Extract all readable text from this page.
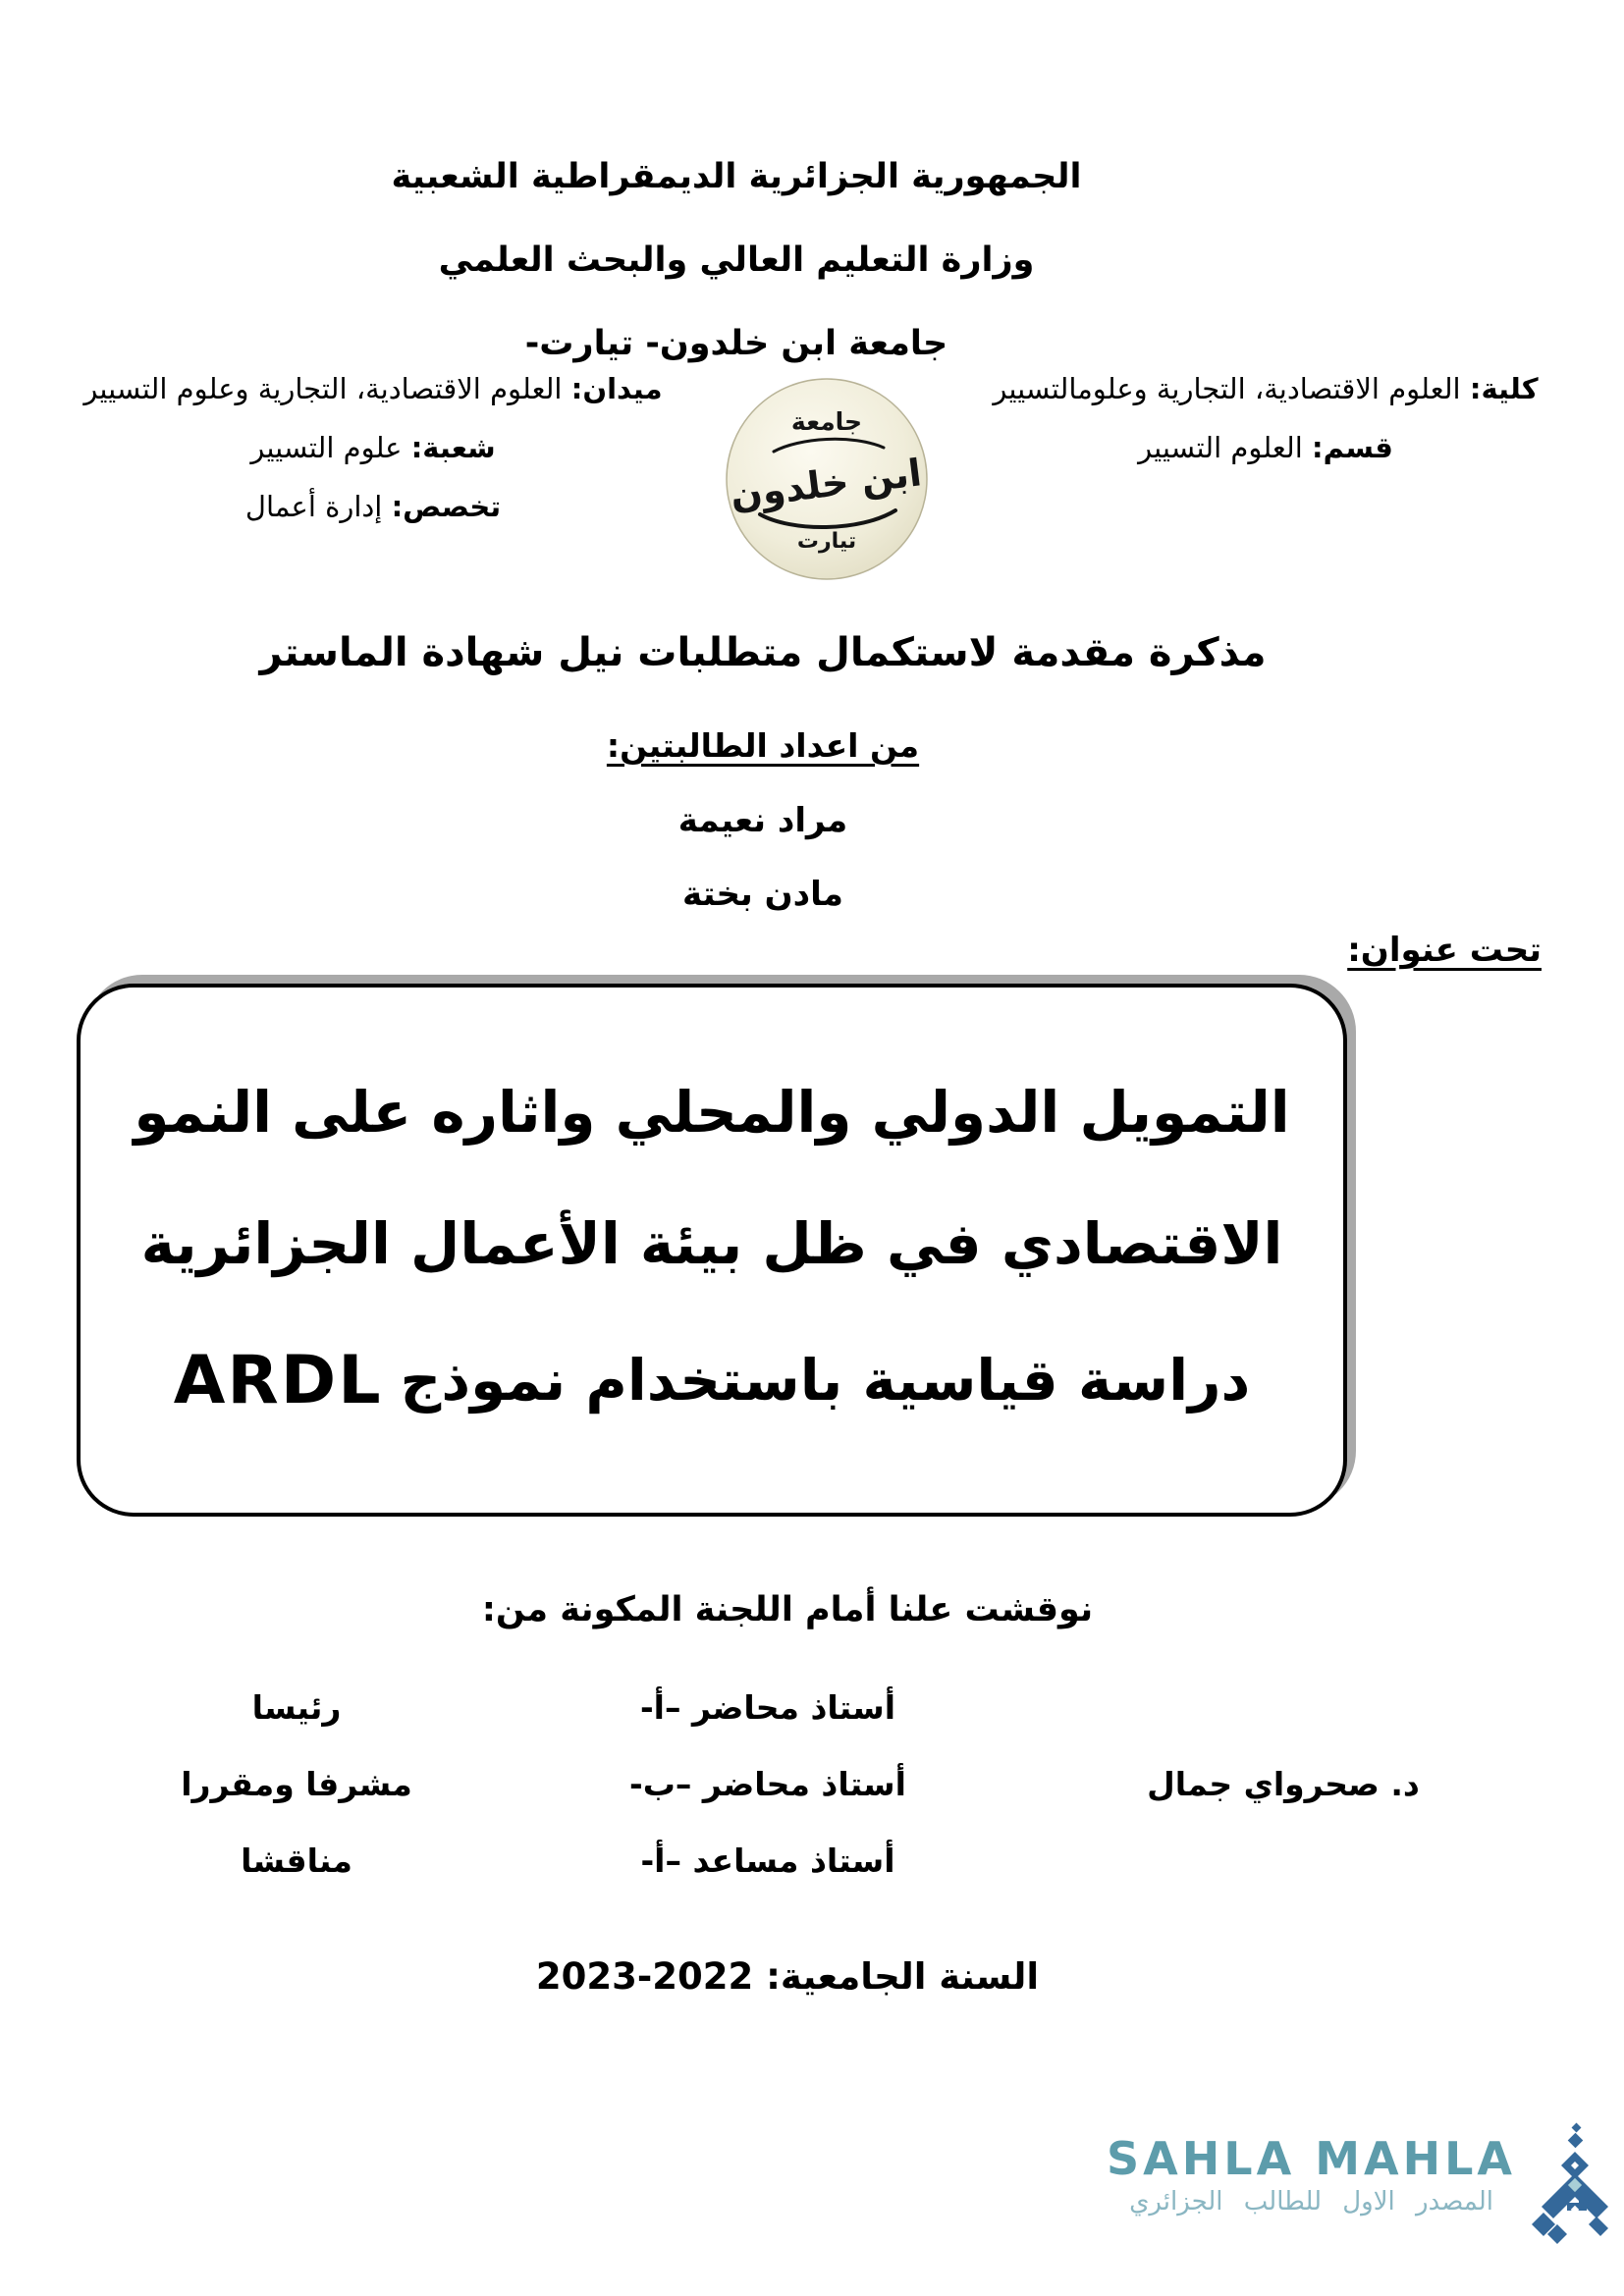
الجمهورية الجزائرية الديمقراطية الشعبية
وزارة التعليم العالي والبحث العلمي
جامعة ابن خلدون- تيارت-
كلية: العلوم الاقتصادية، التجارية وعلومالتسيير
قسم: العلوم التسيير
جامعة
ابن خلدون
تيارت
ميدان: العلوم الاقتصادية، التجارية وعلوم التسيير
شعبة: علوم التسيير
تخصص: إدارة أعمال
مذكرة مقدمة لاستكمال متطلبات نيل شهادة الماستر
من اعداد الطالبتين:
مراد نعيمة
مادن بختة
تحت عنوان:
التمويل الدولي والمحلي واثاره على النمو
الاقتصادي في ظل بيئة الأعمال الجزائرية
دراسة قياسية باستخدام نموذج
ARDL
نوقشت علنا أمام اللجنة المكونة من:
أستاذ محاضر –أ-
رئيسا
د. صحرواي جمال
أستاذ محاضر –ب-
مشرفا ومقررا
أستاذ مساعد –أ-
مناقشا
السنة الجامعية: 2023-2022
SAHLA MAHLA
المصدر الاول للطالب الجزائري
